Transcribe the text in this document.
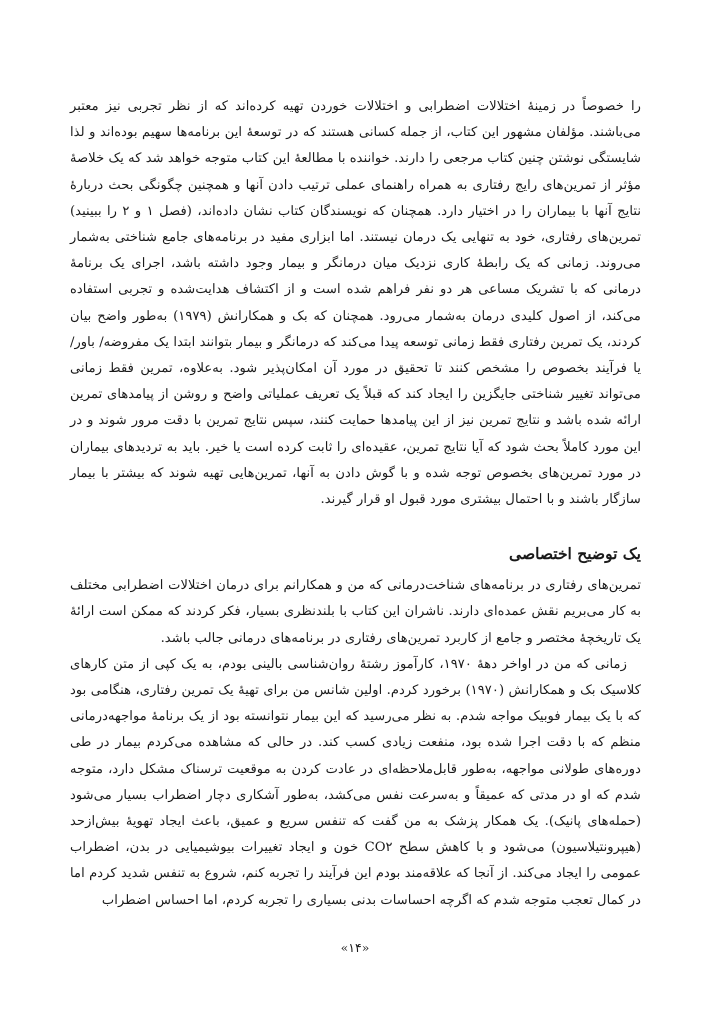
را خصوصاً در زمینهٔ اختلالات اضطرابی و اختلالات خوردن تهیه کرده‌اند که از نظر تجربی نیز معتبر می‌باشند. مؤلفان مشهور این کتاب، از جمله کسانی هستند که در توسعهٔ این برنامه‌ها سهیم بوده‌اند و لذا شایستگی نوشتن چنین کتاب مرجعی را دارند. خواننده با مطالعهٔ این کتاب متوجه خواهد شد که یک خلاصهٔ مؤثر از تمرین‌های رایج رفتاری به همراه راهنمای عملی ترتیب دادن آنها و همچنین چگونگی بحث دربارهٔ نتایج آنها با بیماران را در اختیار دارد. همچنان که نویسندگان کتاب نشان داده‌اند، (فصل ۱ و ۲ را ببینید) تمرین‌های رفتاری، خود به تنهایی یک درمان نیستند. اما ابزاری مفید در برنامه‌های جامع شناختی به‌شمار می‌روند. زمانی که یک رابطهٔ کاری نزدیک میان درمانگر و بیمار وجود داشته باشد، اجرای یک برنامهٔ درمانی که با تشریک مساعی هر دو نفر فراهم شده است و از اکتشاف هدایت‌شده و تجربی استفاده می‌کند، از اصول کلیدی درمان به‌شمار می‌رود. همچنان که بک و همکارانش (۱۹۷۹) به‌طور واضح بیان کردند، یک تمرین رفتاری فقط زمانی توسعه پیدا می‌کند که درمانگر و بیمار بتوانند ابتدا یک مفروضه/ باور/ یا فرآیند بخصوص را مشخص کنند تا تحقیق در مورد آن امکان‌پذیر شود. به‌علاوه، تمرین فقط زمانی می‌تواند تغییر شناختی جایگزین را ایجاد کند که قبلاً یک تعریف عملیاتی واضح و روشن از پیامدهای تمرین ارائه شده باشد و نتایج تمرین نیز از این پیامدها حمایت کنند، سپس نتایج تمرین با دقت مرور شوند و در این مورد کاملاً بحث شود که آیا نتایج تمرین، عقیده‌ای را ثابت کرده است یا خیر. باید به تردیدهای بیماران در مورد تمرین‌های بخصوص توجه شده و با گوش دادن به آنها، تمرین‌هایی تهیه شوند که بیشتر با بیمار سازگار باشند و با احتمال بیشتری مورد قبول او قرار گیرند.

یک توضیح اختصاصی

تمرین‌های رفتاری در برنامه‌های شناخت‌درمانی که من و همکارانم برای درمان اختلالات اضطرابی مختلف به کار می‌بریم نقش عمده‌ای دارند. ناشران این کتاب با بلندنظری بسیار، فکر کردند که ممکن است ارائهٔ یک تاریخچهٔ مختصر و جامع از کاربرد تمرین‌های رفتاری در برنامه‌های درمانی جالب باشد.

زمانی که من در اواخر دههٔ ۱۹۷۰، کارآموز رشتهٔ روان‌شناسی بالینی بودم، به یک کپی از متن کارهای کلاسیک بک و همکارانش (۱۹۷۰) برخورد کردم. اولین شانس من برای تهیهٔ یک تمرین رفتاری، هنگامی بود که با یک بیمار فوبیک مواجه شدم. به نظر می‌رسید که این بیمار نتوانسته بود از یک برنامهٔ مواجهه‌درمانی منظم که با دقت اجرا شده بود، منفعت زیادی کسب کند. در حالی که مشاهده می‌کردم بیمار در طی دوره‌های طولانی مواجهه، به‌طور قابل‌ملاحظه‌ای در عادت کردن به موقعیت ترسناک مشکل دارد، متوجه شدم که او در مدتی که عمیقاً و به‌سرعت نفس می‌کشد، به‌طور آشکاری دچار اضطراب بسیار می‌شود (حمله‌های پانیک). یک همکار پزشک به من گفت که تنفس سریع و عمیق، باعث ایجاد تهویهٔ بیش‌ازحد (هیپرونتیلاسیون) می‌شود و با کاهش سطح CO۲ خون و ایجاد تغییرات بیوشیمیایی در بدن، اضطراب عمومی را ایجاد می‌کند. از آنجا که علاقه‌مند بودم این فرآیند را تجربه کنم، شروع به تنفس شدید کردم اما در کمال تعجب متوجه شدم که اگرچه احساسات بدنی بسیاری را تجربه کردم، اما احساس اضطراب

«۱۴»
